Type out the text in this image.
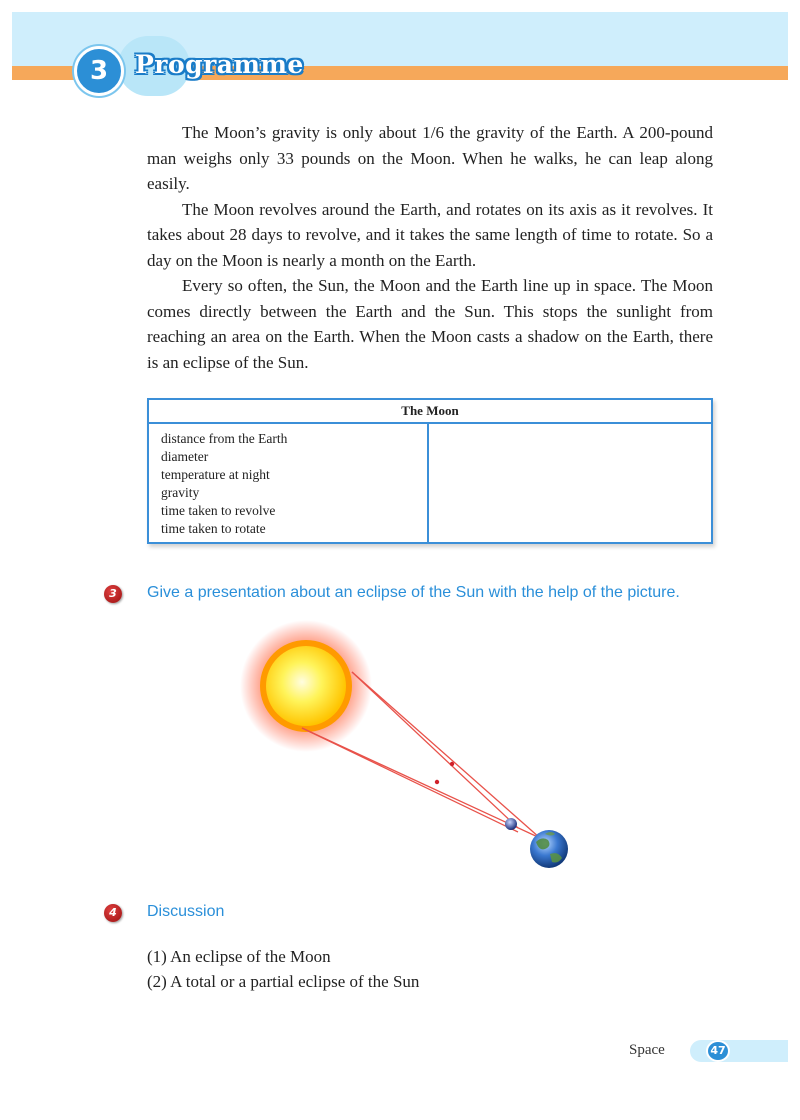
3	Programme

The Moon’s gravity is only about 1/6 the gravity of the Earth. A 200-pound man weighs only 33 pounds on the Moon. When he walks, he can leap along easily.

The Moon revolves around the Earth, and rotates on its axis as it revolves. It takes about 28 days to revolve, and it takes the same length of time to rotate. So a day on the Moon is nearly a month on the Earth.

Every so often, the Sun, the Moon and the Earth line up in space. The Moon comes directly between the Earth and the Sun. This stops the sunlight from reaching an area on the Earth. When the Moon casts a shadow on the Earth, there is an eclipse of the Sun.

The Moon
distance from the Earth
diameter
temperature at night
gravity
time taken to revolve
time taken to rotate
3	Give a presentation about an eclipse of the Sun with the help of the picture.
4	Discussion
(1) An eclipse of the Moon
(2) A total or a partial eclipse of the Sun
Space	47
